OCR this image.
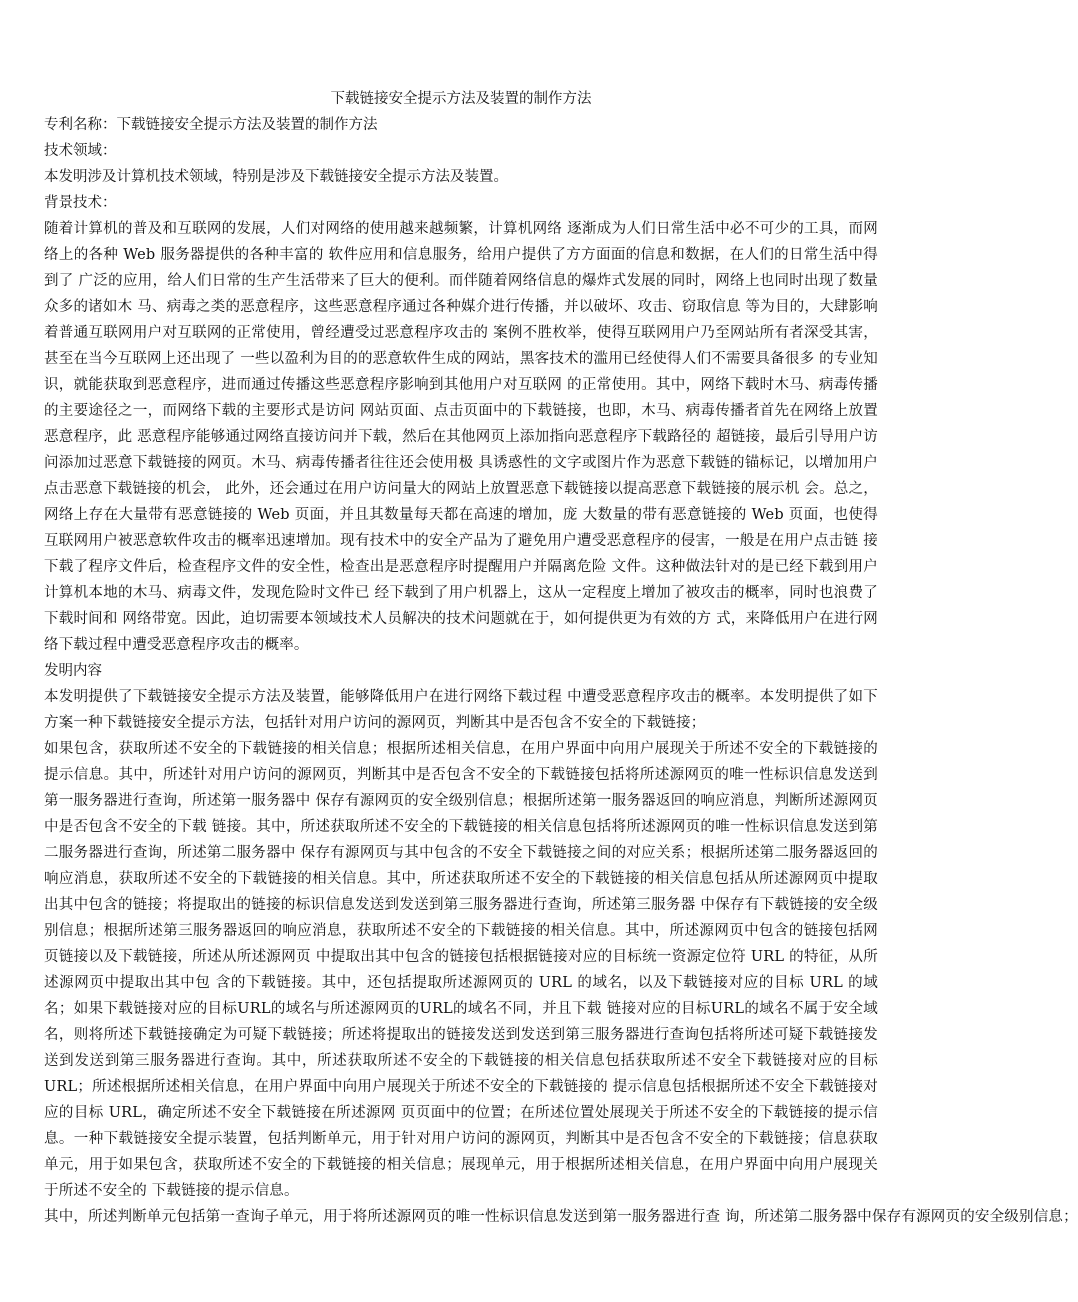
下载链接安全提示方法及装置的制作方法

专利名称：下载链接安全提示方法及装置的制作方法

技术领域：

本发明涉及计算机技术领域，特别是涉及下载链接安全提示方法及装置。

背景技术：

随着计算机的普及和互联网的发展，人们对网络的使用越来越频繁，计算机网络 逐渐成为人们日常生活中必不可少的工具，而网络上的各种 Web 服务器提供的各种丰富的 软件应用和信息服务，给用户提供了方方面面的信息和数据，在人们的日常生活中得到了 广泛的应用，给人们日常的生产生活带来了巨大的便利。而伴随着网络信息的爆炸式发展的同时，网络上也同时出现了数量众多的诸如木 马、病毒之类的恶意程序，这些恶意程序通过各种媒介进行传播，并以破坏、攻击、窃取信息 等为目的，大肆影响着普通互联网用户对互联网的正常使用，曾经遭受过恶意程序攻击的 案例不胜枚举，使得互联网用户乃至网站所有者深受其害，甚至在当今互联网上还出现了 一些以盈利为目的的恶意软件生成的网站，黑客技术的滥用已经使得人们不需要具备很多 的专业知识，就能获取到恶意程序，进而通过传播这些恶意程序影响到其他用户对互联网 的正常使用。其中，网络下载时木马、病毒传播的主要途径之一，而网络下载的主要形式是访问 网站页面、点击页面中的下载链接，也即，木马、病毒传播者首先在网络上放置恶意程序，此 恶意程序能够通过网络直接访问并下载，然后在其他网页上添加指向恶意程序下载路径的 超链接，最后引导用户访问添加过恶意下载链接的网页。木马、病毒传播者往往还会使用极 具诱惑性的文字或图片作为恶意下载链的锚标记，以增加用户点击恶意下载链接的机会， 此外，还会通过在用户访问量大的网站上放置恶意下载链接以提高恶意下载链接的展示机 会。总之，网络上存在大量带有恶意链接的 Web 页面，并且其数量每天都在高速的增加，庞 大数量的带有恶意链接的 Web 页面，也使得互联网用户被恶意软件攻击的概率迅速增加。现有技术中的安全产品为了避免用户遭受恶意程序的侵害，一般是在用户点击链 接下载了程序文件后，检查程序文件的安全性，检查出是恶意程序时提醒用户并隔离危险 文件。这种做法针对的是已经下载到用户计算机本地的木马、病毒文件，发现危险时文件已 经下载到了用户机器上，这从一定程度上增加了被攻击的概率，同时也浪费了下载时间和 网络带宽。因此，迫切需要本领域技术人员解决的技术问题就在于，如何提供更为有效的方 式，来降低用户在进行网络下载过程中遭受恶意程序攻击的概率。

发明内容

本发明提供了下载链接安全提示方法及装置，能够降低用户在进行网络下载过程 中遭受恶意程序攻击的概率。本发明提供了如下方案一种下载链接安全提示方法，包括针对用户访问的源网页，判断其中是否包含不安全的下载链接；

如果包含，获取所述不安全的下载链接的相关信息；根据所述相关信息，在用户界面中向用户展现关于所述不安全的下载链接的提示信息。其中，所述针对用户访问的源网页，判断其中是否包含不安全的下载链接包括将所述源网页的唯一性标识信息发送到第一服务器进行查询，所述第一服务器中 保存有源网页的安全级别信息；根据所述第一服务器返回的响应消息，判断所述源网页中是否包含不安全的下载 链接。其中，所述获取所述不安全的下载链接的相关信息包括将所述源网页的唯一性标识信息发送到第二服务器进行查询，所述第二服务器中 保存有源网页与其中包含的不安全下载链接之间的对应关系；根据所述第二服务器返回的响应消息，获取所述不安全的下载链接的相关信息。其中，所述获取所述不安全的下载链接的相关信息包括从所述源网页中提取出其中包含的链接；将提取出的链接的标识信息发送到发送到第三服务器进行查询，所述第三服务器 中保存有下载链接的安全级别信息；根据所述第三服务器返回的响应消息，获取所述不安全的下载链接的相关信息。其中，所述源网页中包含的链接包括网页链接以及下载链接，所述从所述源网页 中提取出其中包含的链接包括根据链接对应的目标统一资源定位符 URL 的特征，从所述源网页中提取出其中包 含的下载链接。其中，还包括提取所述源网页的 URL 的域名，以及下载链接对应的目标 URL 的域名；如果下载链接对应的目标URL的域名与所述源网页的URL的域名不同，并且下载 链接对应的目标URL的域名不属于安全域名，则将所述下载链接确定为可疑下载链接；所述将提取出的链接发送到发送到第三服务器进行查询包括将所述可疑下载链接发送到发送到第三服务器进行查询。其中，所述获取所述不安全的下载链接的相关信息包括获取所述不安全下载链接对应的目标 URL；所述根据所述相关信息，在用户界面中向用户展现关于所述不安全的下载链接的 提示信息包括根据所述不安全下载链接对应的目标 URL，确定所述不安全下载链接在所述源网 页页面中的位置；在所述位置处展现关于所述不安全的下载链接的提示信息。一种下载链接安全提示装置，包括判断单元，用于针对用户访问的源网页，判断其中是否包含不安全的下载链接；信息获取单元，用于如果包含，获取所述不安全的下载链接的相关信息；展现单元，用于根据所述相关信息，在用户界面中向用户展现关于所述不安全的 下载链接的提示信息。

其中，所述判断单元包括第一查询子单元，用于将所述源网页的唯一性标识信息发送到第一服务器进行查 询，所述第二服务器中保存有源网页的安全级别信息；
